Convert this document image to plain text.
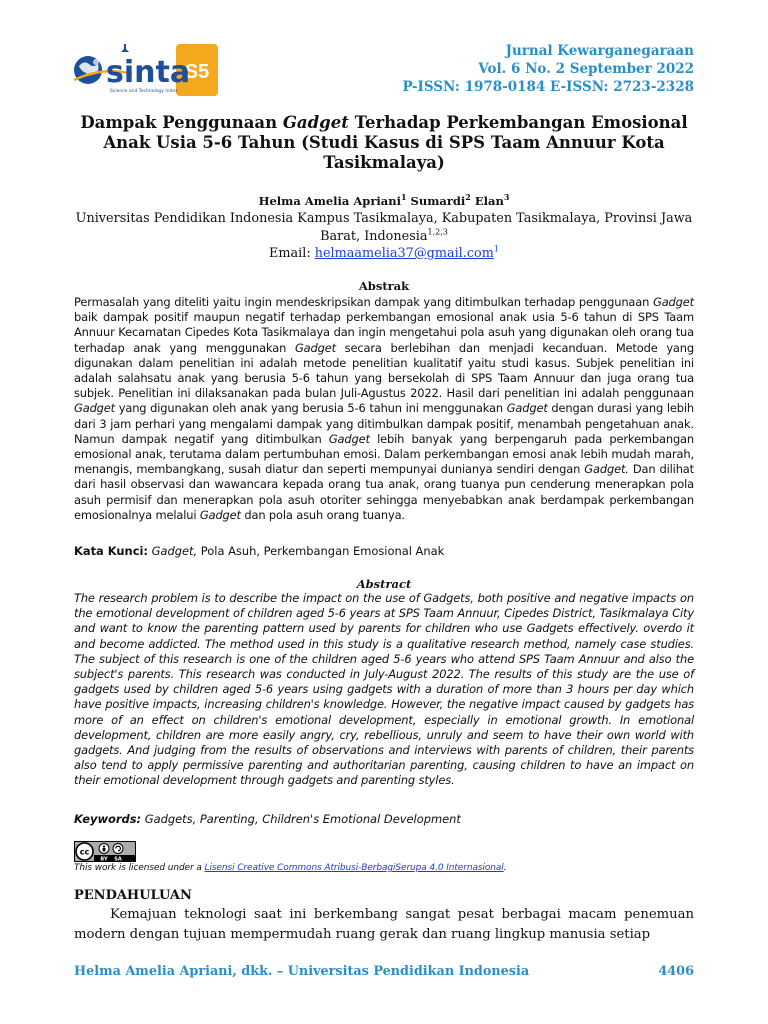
S5
sinta
Science and Technology Index
Jurnal Kewarganegaraan
Vol. 6 No. 2 September 2022
P-ISSN: 1978-0184 E-ISSN: 2723-2328
Dampak Penggunaan Gadget Terhadap Perkembangan Emosional Anak Usia 5-6 Tahun (Studi Kasus di SPS Taam Annuur Kota Tasikmalaya)
Helma Amelia Apriani$^1$ Sumardi$^2$ Elan$^3$
Universitas Pendidikan Indonesia Kampus Tasikmalaya, Kabupaten Tasikmalaya, Provinsi Jawa Barat, Indonesia$^{1,2,3}$
Email: helmaamelia37@gmail.com$^1$
Abstrak
Permasalah yang diteliti yaitu ingin mendeskripsikan dampak yang ditimbulkan terhadap penggunaan Gadget baik dampak positif maupun negatif terhadap perkembangan emosional anak usia 5-6 tahun di SPS Taam Annuur Kecamatan Cipedes Kota Tasikmalaya dan ingin mengetahui pola asuh yang digunakan oleh orang tua terhadap anak yang menggunakan Gadget secara berlebihan dan menjadi kecanduan. Metode yang digunakan dalam penelitian ini adalah metode penelitian kualitatif yaitu studi kasus. Subjek penelitian ini adalah salahsatu anak yang berusia 5-6 tahun yang bersekolah di SPS Taam Annuur dan juga orang tua subjek. Penelitian ini dilaksanakan pada bulan Juli-Agustus 2022. Hasil dari penelitian ini adalah penggunaan Gadget yang digunakan oleh anak yang berusia 5-6 tahun ini menggunakan Gadget dengan durasi yang lebih dari 3 jam perhari yang mengalami dampak yang ditimbulkan dampak positif, menambah pengetahuan anak. Namun dampak negatif yang ditimbulkan Gadget lebih banyak yang berpengaruh pada perkembangan emosional anak, terutama dalam pertumbuhan emosi. Dalam perkembangan emosi anak lebih mudah marah, menangis, membangkang, susah diatur dan seperti mempunyai dunianya sendiri dengan Gadget. Dan dilihat dari hasil observasi dan wawancara kepada orang tua anak, orang tuanya pun cenderung menerapkan pola asuh permisif dan menerapkan pola asuh otoriter sehingga menyebabkan anak berdampak perkembangan emosionalnya melalui Gadget dan pola asuh orang tuanya.
Kata Kunci: Gadget, Pola Asuh, Perkembangan Emosional Anak
Abstract
The research problem is to describe the impact on the use of Gadgets, both positive and negative impacts on the emotional development of children aged 5-6 years at SPS Taam Annuur, Cipedes District, Tasikmalaya City and want to know the parenting pattern used by parents for children who use Gadgets effectively. overdo it and become addicted. The method used in this study is a qualitative research method, namely case studies. The subject of this research is one of the children aged 5-6 years who attend SPS Taam Annuur and also the subject's parents. This research was conducted in July-August 2022. The results of this study are the use of gadgets used by children aged 5-6 years using gadgets with a duration of more than 3 hours per day which have positive impacts, increasing children's knowledge. However, the negative impact caused by gadgets has more of an effect on children's emotional development, especially in emotional growth. In emotional development, children are more easily angry, cry, rebellious, unruly and seem to have their own world with gadgets. And judging from the results of observations and interviews with parents of children, their parents also tend to apply permissive parenting and authoritarian parenting, causing children to have an impact on their emotional development through gadgets and parenting styles.
Keywords: Gadgets, Parenting, Children's Emotional Development
cc
BY SA
This work is licensed under a Lisensi Creative Commons Atribusi-BerbagiSerupa 4.0 Internasional.
PENDAHULUAN
Kemajuan teknologi saat ini berkembang sangat pesat berbagai macam penemuan modern dengan tujuan mempermudah ruang gerak dan ruang lingkup manusia setiap
Helma Amelia Apriani, dkk. – Universitas Pendidikan Indonesia	4406
